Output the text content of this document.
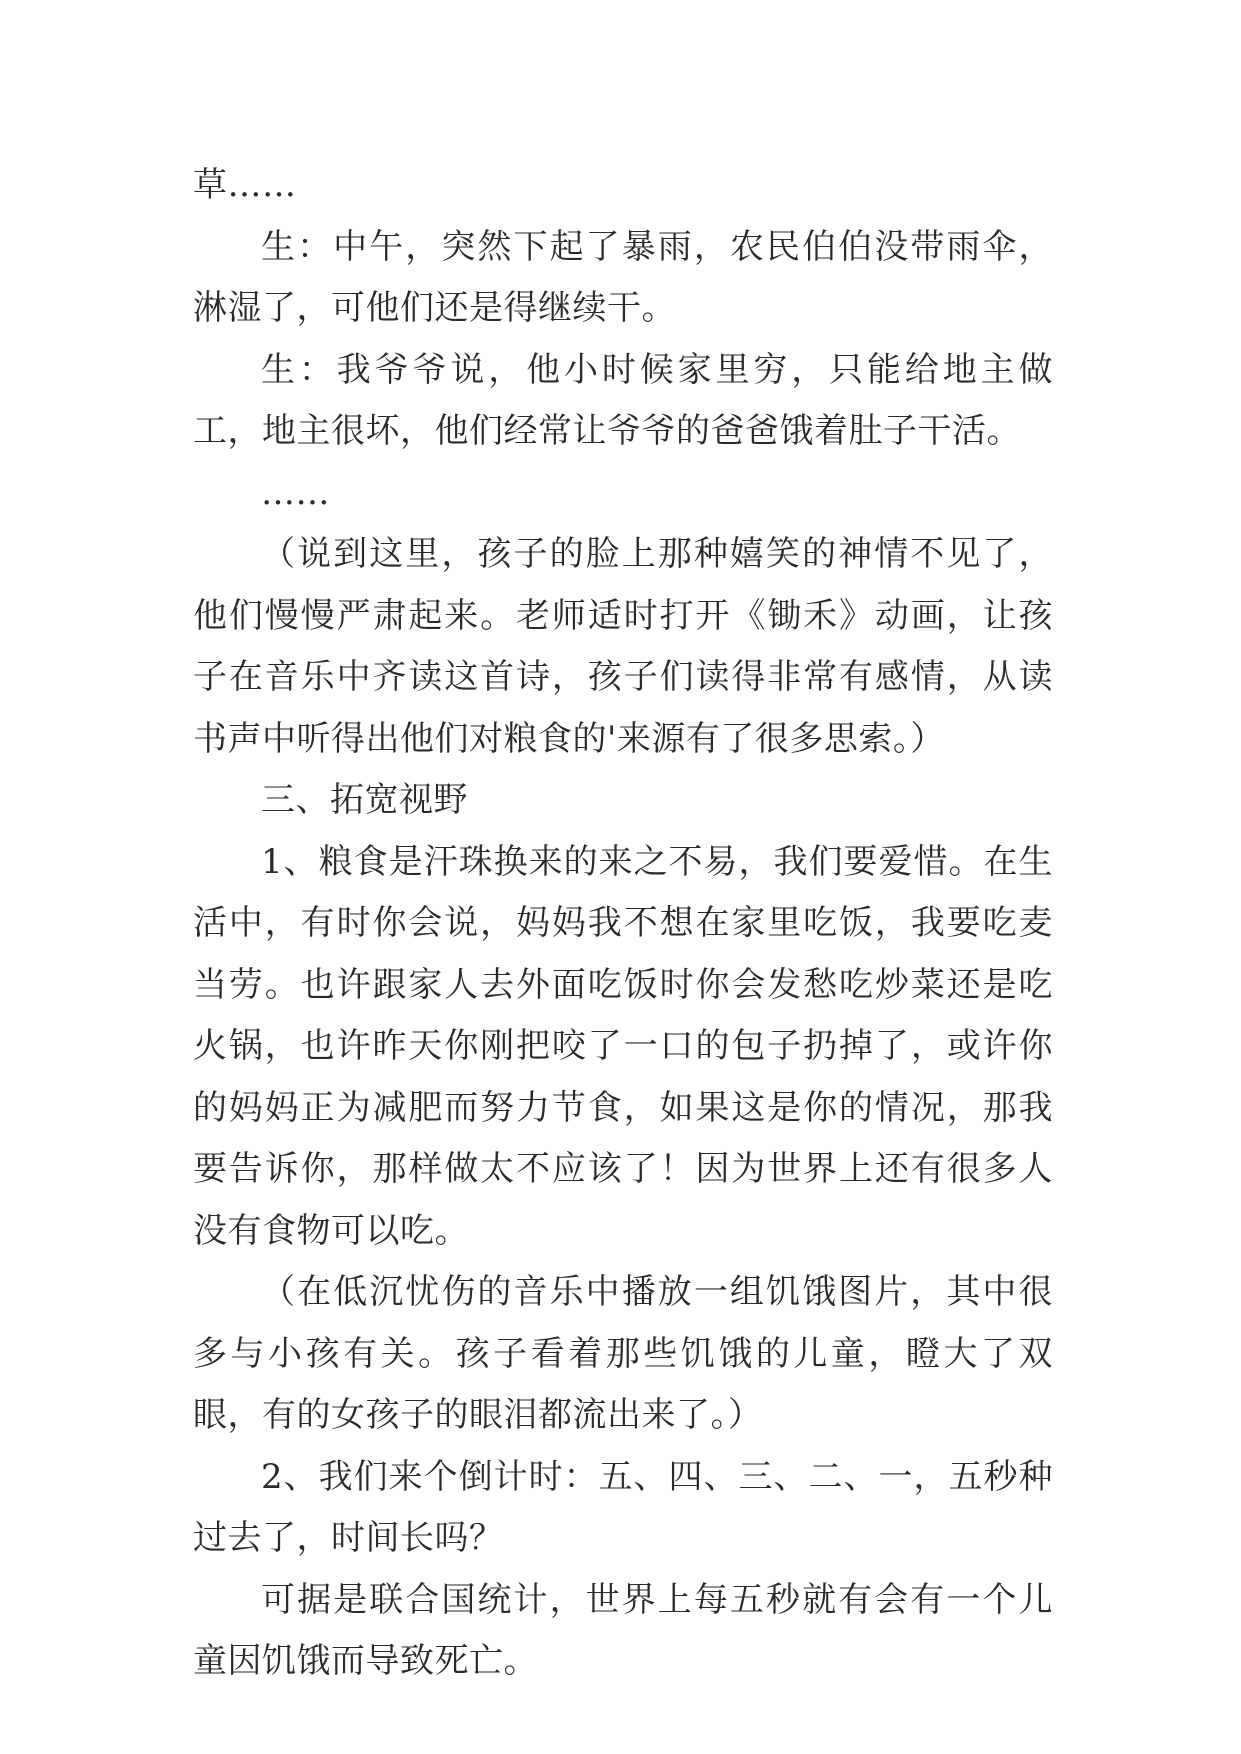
草……

生：中午，突然下起了暴雨，农民伯伯没带雨伞，淋湿了，可他们还是得继续干。

生：我爷爷说，他小时候家里穷，只能给地主做工，地主很坏，他们经常让爷爷的爸爸饿着肚子干活。

……

（说到这里，孩子的脸上那种嬉笑的神情不见了，他们慢慢严肃起来。老师适时打开《锄禾》动画，让孩子在音乐中齐读这首诗，孩子们读得非常有感情，从读书声中听得出他们对粮食的'来源有了很多思索。）

三、拓宽视野

1、粮食是汗珠换来的来之不易，我们要爱惜。在生活中，有时你会说，妈妈我不想在家里吃饭，我要吃麦当劳。也许跟家人去外面吃饭时你会发愁吃炒菜还是吃火锅，也许昨天你刚把咬了一口的包子扔掉了，或许你的妈妈正为减肥而努力节食，如果这是你的情况，那我要告诉你，那样做太不应该了！因为世界上还有很多人没有食物可以吃。

（在低沉忧伤的音乐中播放一组饥饿图片，其中很多与小孩有关。孩子看着那些饥饿的儿童，瞪大了双眼，有的女孩子的眼泪都流出来了。）

2、我们来个倒计时：五、四、三、二、一，五秒种过去了，时间长吗？

可据是联合国统计，世界上每五秒就有会有一个儿童因饥饿而导致死亡。
